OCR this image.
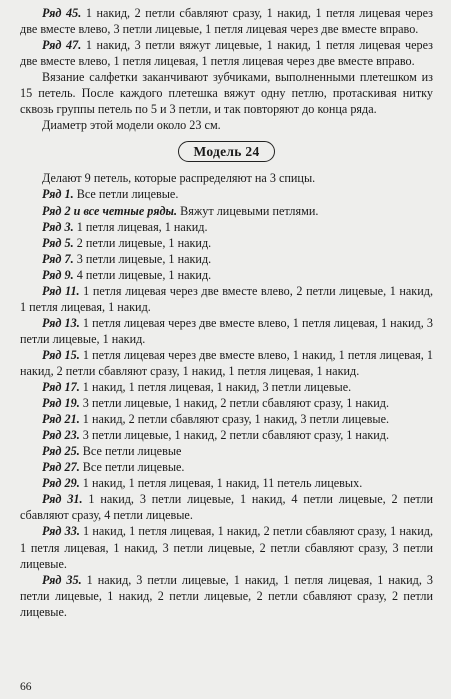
Ряд 45. 1 накид, 2 петли сбавляют сразу, 1 накид, 1 петля лицевая через две вместе влево, 3 петли лицевые, 1 петля лицевая через две вместе вправо.

Ряд 47. 1 накид, 3 петли вяжут лицевые, 1 накид, 1 петля лицевая через две вместе влево, 1 петля лицевая, 1 петля лицевая через две вместе вправо.

Вязание салфетки заканчивают зубчиками, выполненными плетешком из 15 петель. После каждого плетешка вяжут одну петлю, протаскивая нитку сквозь группы петель по 5 и 3 петли, и так повторяют до конца ряда.

Диаметр этой модели около 23 см.

Модель 24

Делают 9 петель, которые распределяют на 3 спицы.

Ряд 1. Все петли лицевые.

Ряд 2 и все четные ряды. Вяжут лицевыми петлями.

Ряд 3. 1 петля лицевая, 1 накид.

Ряд 5. 2 петли лицевые, 1 накид.

Ряд 7. 3 петли лицевые, 1 накид.

Ряд 9. 4 петли лицевые, 1 накид.

Ряд 11. 1 петля лицевая через две вместе влево, 2 петли лицевые, 1 накид, 1 петля лицевая, 1 накид.

Ряд 13. 1 петля лицевая через две вместе влево, 1 петля лицевая, 1 накид, 3 петли лицевые, 1 накид.

Ряд 15. 1 петля лицевая через две вместе влево, 1 накид, 1 петля лицевая, 1 накид, 2 петли сбавляют сразу, 1 накид, 1 петля лицевая, 1 накид.

Ряд 17. 1 накид, 1 петля лицевая, 1 накид, 3 петли лицевые.

Ряд 19. 3 петли лицевые, 1 накид, 2 петли сбавляют сразу, 1 накид.

Ряд 21. 1 накид, 2 петли сбавляют сразу, 1 накид, 3 петли лицевые.

Ряд 23. 3 петли лицевые, 1 накид, 2 петли сбавляют сразу, 1 накид.

Ряд 25. Все петли лицевые

Ряд 27. Все петли лицевые.

Ряд 29. 1 накид, 1 петля лицевая, 1 накид, 11 петель лицевых.

Ряд 31. 1 накид, 3 петли лицевые, 1 накид, 4 петли лицевые, 2 петли сбавляют сразу, 4 петли лицевые.

Ряд 33. 1 накид, 1 петля лицевая, 1 накид, 2 петли сбавляют сразу, 1 накид, 1 петля лицевая, 1 накид, 3 петли лицевые, 2 петли сбавляют сразу, 3 петли лицевые.

Ряд 35. 1 накид, 3 петли лицевые, 1 накид, 1 петля лицевая, 1 накид, 3 петли лицевые, 1 накид, 2 петли лицевые, 2 петли сбавляют сразу, 2 петли лицевые.

66
